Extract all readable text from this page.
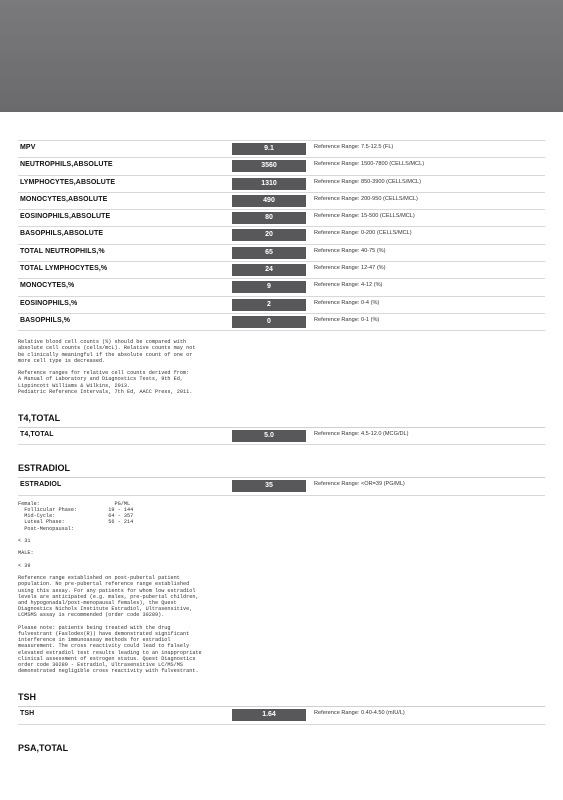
MPV	9.1	Reference Range: 7.5-12.5 (FL)
NEUTROPHILS,ABSOLUTE	3560	Reference Range: 1500-7800 (CELLS/MCL)
LYMPHOCYTES,ABSOLUTE	1310	Reference Range: 850-3900 (CELLS/MCL)
MONOCYTES,ABSOLUTE	490	Reference Range: 200-950 (CELLS/MCL)
EOSINOPHILS,ABSOLUTE	80	Reference Range: 15-500 (CELLS/MCL)
BASOPHILS,ABSOLUTE	20	Reference Range: 0-200 (CELLS/MCL)
TOTAL NEUTROPHILS,%	65	Reference Range: 40-75 (%)
TOTAL LYMPHOCYTES,%	24	Reference Range: 12-47 (%)
MONOCYTES,%	9	Reference Range: 4-12 (%)
EOSINOPHILS,%	2	Reference Range: 0-4 (%)
BASOPHILS,%	0	Reference Range: 0-1 (%)
Relative blood cell counts (%) should be compared with
absolute cell counts (cells/mcL). Relative counts may not
be clinically meaningful if the absolute count of one or
more cell type is decreased.

Reference ranges for relative cell counts derived from:
A Manual of Laboratory and Diagnostics Tests, 9th Ed,
Lippincott Williams & Wilkins, 2013.
Pediatric Reference Intervals, 7th Ed, AACC Press, 2011.
T4,TOTAL
T4,TOTAL	5.0	Reference Range: 4.5-12.0 (MCG/DL)
ESTRADIOL
ESTRADIOL	35	Reference Range: <OR=39 (PG/ML)
Female:                        PG/ML
Follicular Phase:          19 - 144
Mid-Cycle:                 64 - 357
Luteal Phase:              56 - 214
Post-Menopausal:

< 31

MALE:

< 39

Reference range established on post-pubertal patient
population. No pre-pubertal reference range established
using this assay. For any patients for whom low estradiol
levels are anticipated (e.g. males, pre-pubertal children,
and hypogonadal/post-menopausal females), the Quest
Diagnostics Nichols Institute Estradiol, Ultrasensitive,
LCMSMS assay is recommended (order code 30289).

Please note: patients being treated with the drug
fulvestrant (Faslodex(R)) have demonstrated significant
interference in immunoassay methods for estradiol
measurement. The cross reactivity could lead to falsely
elevated estradiol test results leading to an inappropriate
clinical assessment of estrogen status. Quest Diagnostics
order code 30289 - Estradiol, Ultrasensitive LC/MS/MS
demonstrated negligible cross reactivity with fulvestrant.
TSH
TSH	1.64	Reference Range: 0.40-4.50 (mIU/L)
PSA,TOTAL
